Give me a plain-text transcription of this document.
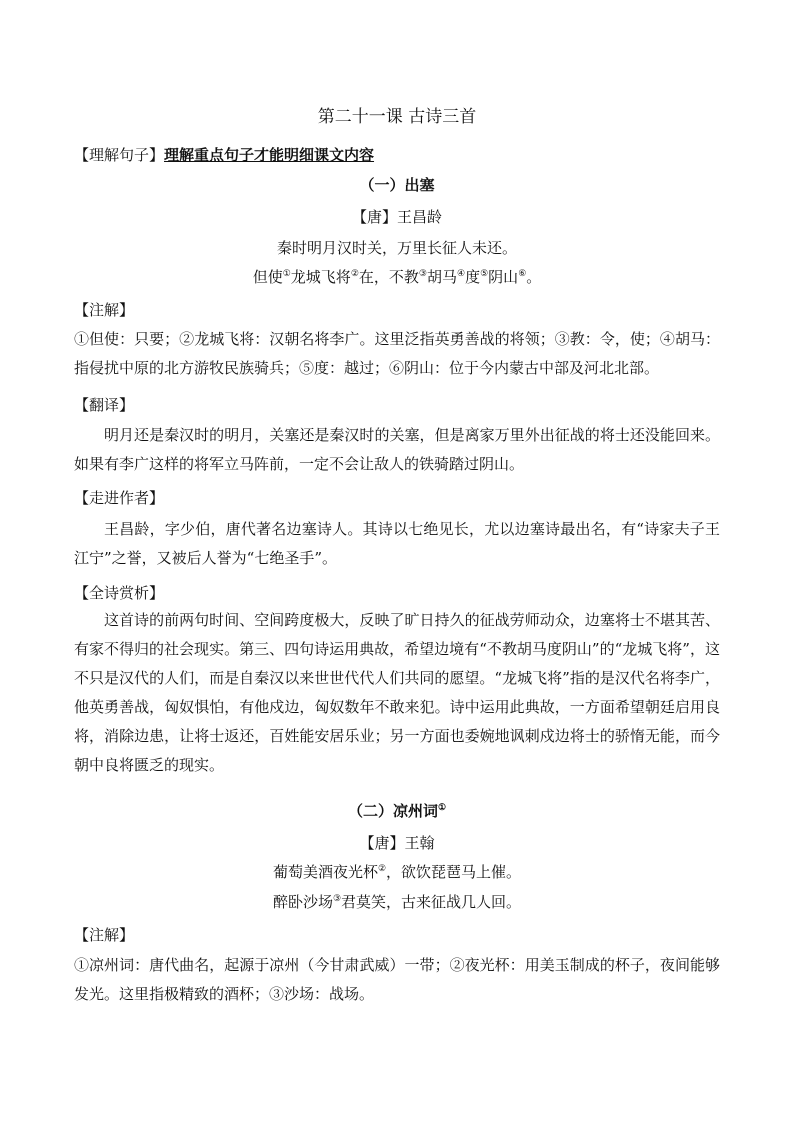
第二十一课 古诗三首
【理解句子】理解重点句子才能明细课文内容
（一）出塞
【唐】王昌龄
秦时明月汉时关，万里长征人未还。
但使①龙城飞将②在，不教③胡马④度⑤阴山⑥。
【注解】
①但使：只要；②龙城飞将：汉朝名将李广。这里泛指英勇善战的将领；③教：令，使；④胡马：指侵扰中原的北方游牧民族骑兵；⑤度：越过；⑥阴山：位于今内蒙古中部及河北北部。
【翻译】
明月还是秦汉时的明月，关塞还是秦汉时的关塞，但是离家万里外出征战的将士还没能回来。如果有李广这样的将军立马阵前，一定不会让敌人的铁骑踏过阴山。
【走进作者】
王昌龄，字少伯，唐代著名边塞诗人。其诗以七绝见长，尤以边塞诗最出名，有“诗家夫子王江宁”之誉，又被后人誉为“七绝圣手”。
【全诗赏析】
这首诗的前两句时间、空间跨度极大，反映了旷日持久的征战劳师动众，边塞将士不堪其苦、有家不得归的社会现实。第三、四句诗运用典故，希望边境有“不教胡马度阴山”的“龙城飞将”，这不只是汉代的人们，而是自秦汉以来世世代代人们共同的愿望。“龙城飞将”指的是汉代名将李广，他英勇善战，匈奴惧怕，有他戍边，匈奴数年不敢来犯。诗中运用此典故，一方面希望朝廷启用良将，消除边患，让将士返还，百姓能安居乐业；另一方面也委婉地讽刺戍边将士的骄惰无能，而今朝中良将匮乏的现实。
（二）凉州词①
【唐】王翰
葡萄美酒夜光杯②，欲饮琵琶马上催。
醉卧沙场③君莫笑，古来征战几人回。
【注解】
①凉州词：唐代曲名，起源于凉州（今甘肃武威）一带；②夜光杯：用美玉制成的杯子，夜间能够发光。这里指极精致的酒杯；③沙场：战场。
